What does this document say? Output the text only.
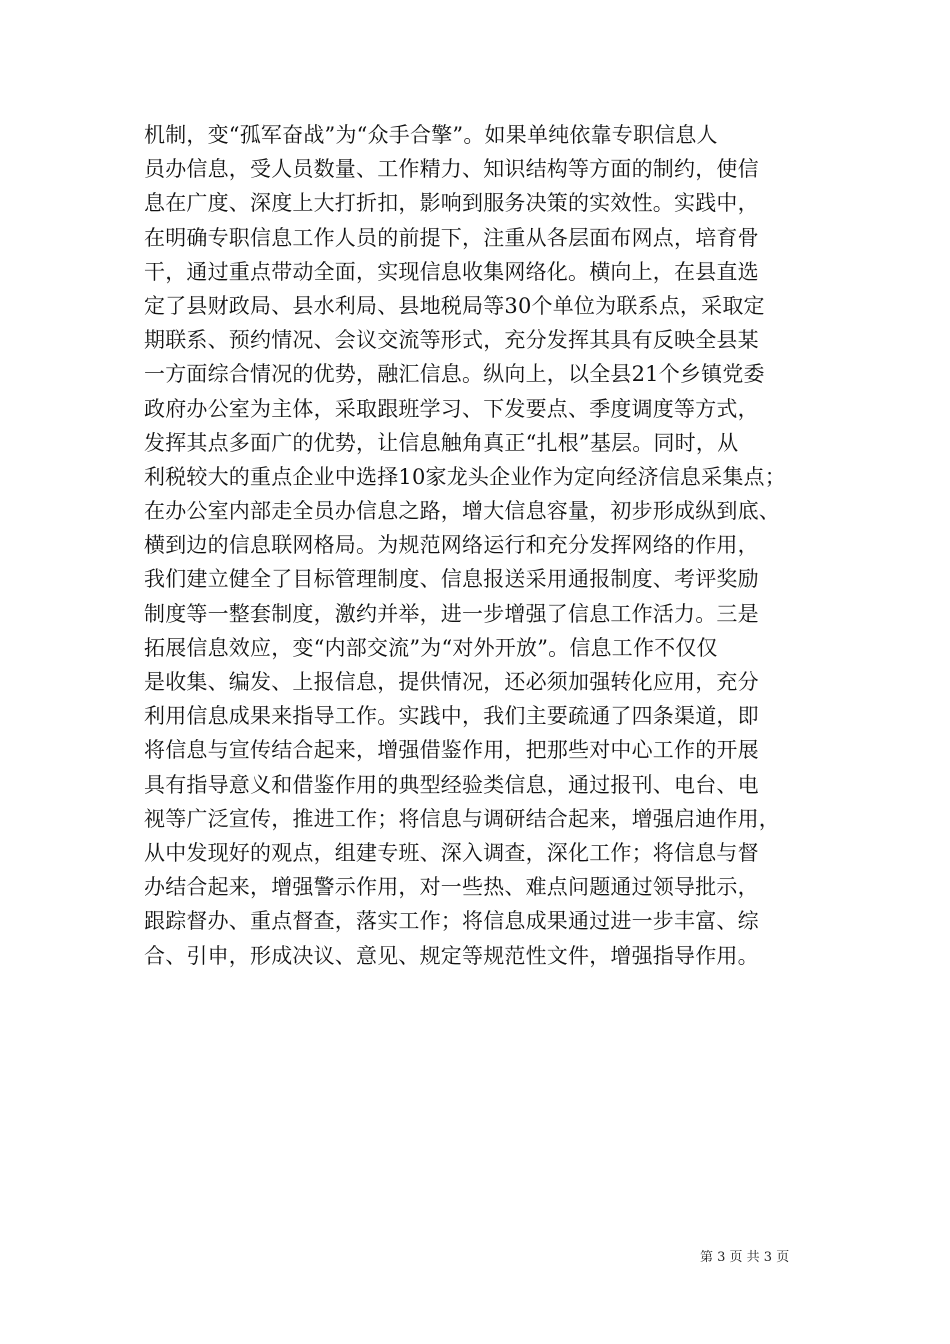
机制，变“孤军奋战”为“众手合擎”。如果单纯依靠专职信息人
员办信息，受人员数量、工作精力、知识结构等方面的制约，使信
息在广度、深度上大打折扣，影响到服务决策的实效性。实践中，
在明确专职信息工作人员的前提下，注重从各层面布网点，培育骨
干，通过重点带动全面，实现信息收集网络化。横向上，在县直选
定了县财政局、县水利局、县地税局等30个单位为联系点，采取定
期联系、预约情况、会议交流等形式，充分发挥其具有反映全县某
一方面综合情况的优势，融汇信息。纵向上，以全县21个乡镇党委
政府办公室为主体，采取跟班学习、下发要点、季度调度等方式，
发挥其点多面广的优势，让信息触角真正“扎根”基层。同时，从
利税较大的重点企业中选择10家龙头企业作为定向经济信息采集点；
在办公室内部走全员办信息之路，增大信息容量，初步形成纵到底、
横到边的信息联网格局。为规范网络运行和充分发挥网络的作用，
我们建立健全了目标管理制度、信息报送采用通报制度、考评奖励
制度等一整套制度，激约并举，进一步增强了信息工作活力。三是
拓展信息效应，变“内部交流”为“对外开放”。信息工作不仅仅
是收集、编发、上报信息，提供情况，还必须加强转化应用，充分
利用信息成果来指导工作。实践中，我们主要疏通了四条渠道，即
将信息与宣传结合起来，增强借鉴作用，把那些对中心工作的开展
具有指导意义和借鉴作用的典型经验类信息，通过报刊、电台、电
视等广泛宣传，推进工作；将信息与调研结合起来，增强启迪作用，
从中发现好的观点，组建专班、深入调查，深化工作；将信息与督
办结合起来，增强警示作用，对一些热、难点问题通过领导批示，
跟踪督办、重点督查，落实工作；将信息成果通过进一步丰富、综
合、引申，形成决议、意见、规定等规范性文件，增强指导作用。
第 3 页 共 3 页
